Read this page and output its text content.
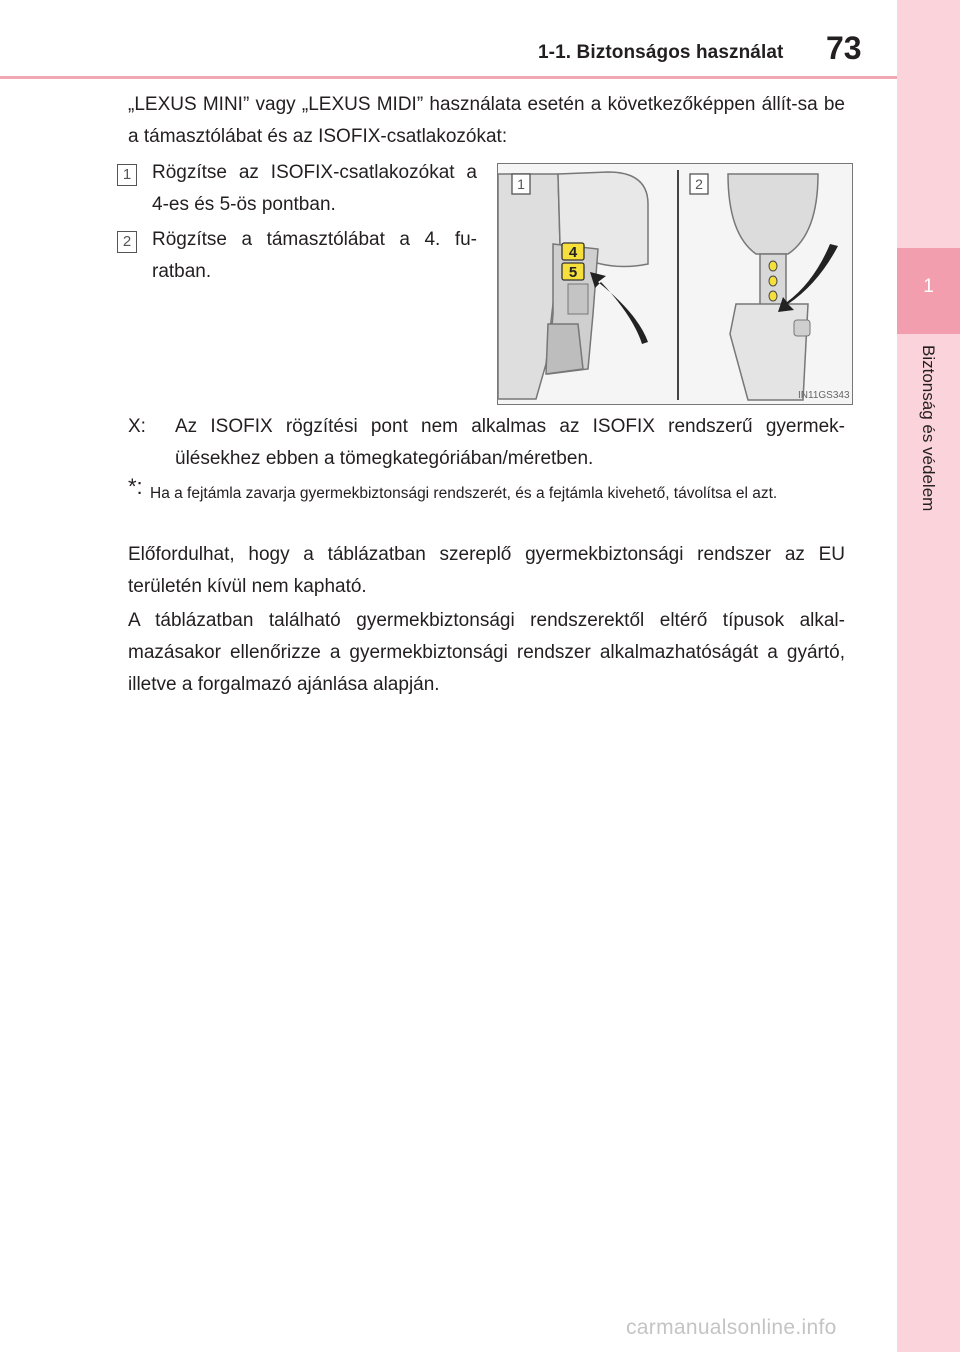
1-1. Biztonságos használat 73
1
Biztonság és védelem
„LEXUS MINI” vagy „LEXUS MIDI” használata esetén a következőképpen állít-sa be a támasztólábat és az ISOFIX-csatlakozókat:
1	Rögzítse az ISOFIX-csatlakozókat a 4-es és 5-ös pontban.
2	Rögzítse a támasztólábat a 4. fu-ratban.
4
5
1	2
IN11GS343
X: Az ISOFIX rögzítési pont nem alkalmas az ISOFIX rendszerű gyermek-ülésekhez ebben a tömegkategóriában/méretben.
*: Ha a fejtámla zavarja gyermekbiztonsági rendszerét, és a fejtámla kivehető, távolítsa el azt.
Előfordulhat, hogy a táblázatban szereplő gyermekbiztonsági rendszer az EU területén kívül nem kapható.
A táblázatban található gyermekbiztonsági rendszerektől eltérő típusok alkal-mazásakor ellenőrizze a gyermekbiztonsági rendszer alkalmazhatóságát a gyártó, illetve a forgalmazó ajánlása alapján.
carmanualsonline.info
